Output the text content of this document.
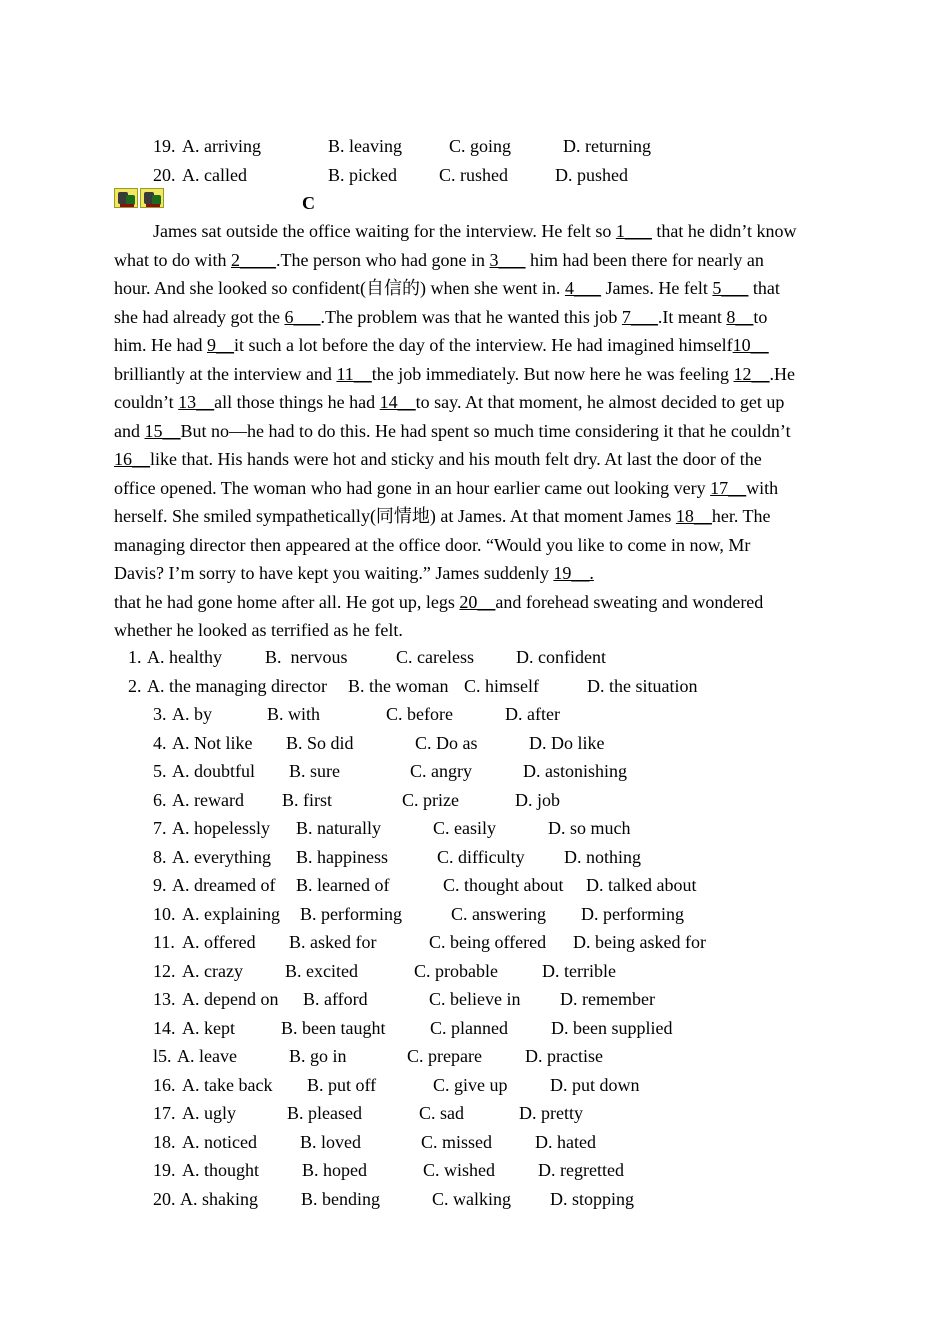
19. A. arriving	B. leaving	C. going	D. returning
20. A. called	B. picked C. rushed	D. pushed
C
James sat outside the office waiting for the interview. He felt so 1___ that he didn’t know
what to do with 2____.The person who had gone in 3___ him had been there for nearly an
hour. And she looked so confident(自信的) when she went in. 4___ James. He felt 5___ that
she had already got the 6___.The problem was that he wanted this job 7___.It meant 8__to
him. He had 9__it such a lot before the day of the interview. He had imagined himself10__
brilliantly at the interview and 11__the job immediately. But now here he was feeling 12__.He
couldn’t 13__all those things he had 14__to say. At that moment, he almost decided to get up
and 15__But no—he had to do this. He had spent so much time considering it that he couldn’t
16__like that. His hands were hot and sticky and his mouth felt dry. At last the door of the
office opened. The woman who had gone in an hour earlier came out looking very 17__with
herself. She smiled sympathetically(同情地) at James. At that moment James 18__her. The
managing director then appeared at the office door. “Would you like to come in now, Mr
Davis? I’m sorry to have kept you waiting.” James suddenly 19__.
that he had gone home after all. He got up, legs 20__and forehead sweating and wondered
whether he looked as terrified as he felt.
1. A. healthy B.  nervous	C. careless D. confident
2. A. the managing director B. the woman C. himself	D. the situation
3. A. by	B. with	C. before	D. after
4. A. Not like B. So did	C. Do as	D. Do like
5. A. doubtful B. sure	C. angry	D. astonishing
6. A. reward B. first	C. prize	D. job
7. A. hopelessly B. naturally	C. easily	D. so much
8. A. everything B. happiness	C. difficulty D. nothing
9. A. dreamed of B. learned of	C. thought about D. talked about
10. A. explaining B. performing	C. answering D. performing
11. A. offered B. asked for	C. being offered D. being asked for
12. A. crazy B. excited	C. probable D. terrible
13. A. depend on B. afford	C. believe in D. remember
14. A. kept	B. been taught C. planned D. been supplied
l5. A. leave	B. go in	C. prepare D. practise
16. A. take back B. put off	C. give up D. put down
17. A. ugly	B. pleased	C. sad	D. pretty
18. A. noticed B. loved	C. missed D. hated
19. A. thought B. hoped	C. wished D. regretted
20. A. shaking B. bending	C. walking D. stopping
